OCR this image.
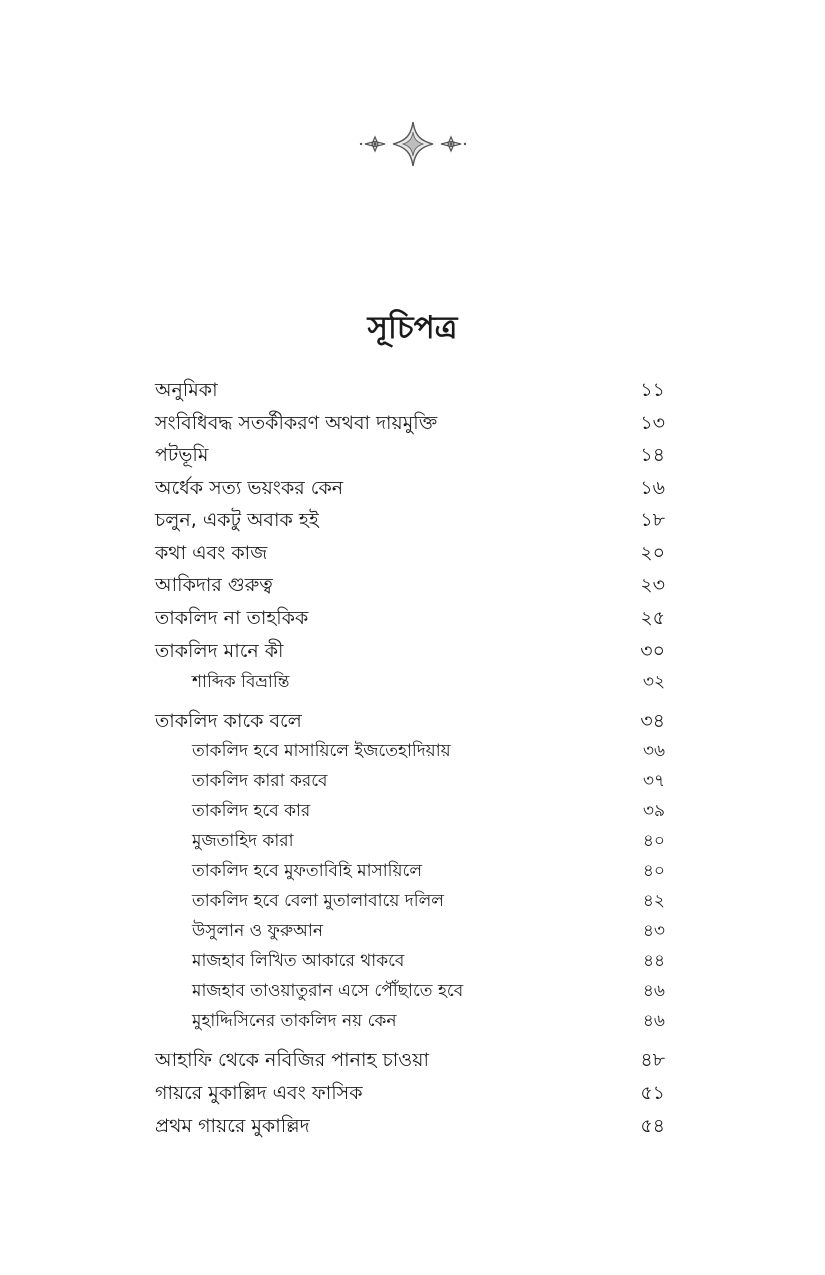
সূচিপত্র
অনুমিকা	১১
সংবিধিবদ্ধ সতর্কীকরণ অথবা দায়মুক্তি	১৩
পটভূমি	১৪
অর্ধেক সত্য ভয়ংকর কেন	১৬
চলুন, একটু অবাক হই	১৮
কথা এবং কাজ	২০
আকিদার গুরুত্ব	২৩
তাকলিদ না তাহকিক	২৫
তাকলিদ মানে কী	৩০
শাব্দিক বিভ্রান্তি	৩২
তাকলিদ কাকে বলে	৩৪
তাকলিদ হবে মাসায়িলে ইজতেহাদিয়ায়	৩৬
তাকলিদ কারা করবে	৩৭
তাকলিদ হবে কার	৩৯
মুজতাহিদ কারা	৪০
তাকলিদ হবে মুফতাবিহি মাসায়িলে	৪০
তাকলিদ হবে বেলা মুতালাবায়ে দলিল	৪২
উসুলান ও ফুরুআন	৪৩
মাজহাব লিখিত আকারে থাকবে	৪৪
মাজহাব তাওয়াতুরান এসে পৌঁছাতে হবে	৪৬
মুহাদ্দিসিনের তাকলিদ নয় কেন	৪৬
আহাফি থেকে নবিজির পানাহ চাওয়া	৪৮
গায়রে মুকাল্লিদ এবং ফাসিক	৫১
প্রথম গায়রে মুকাল্লিদ	৫৪
